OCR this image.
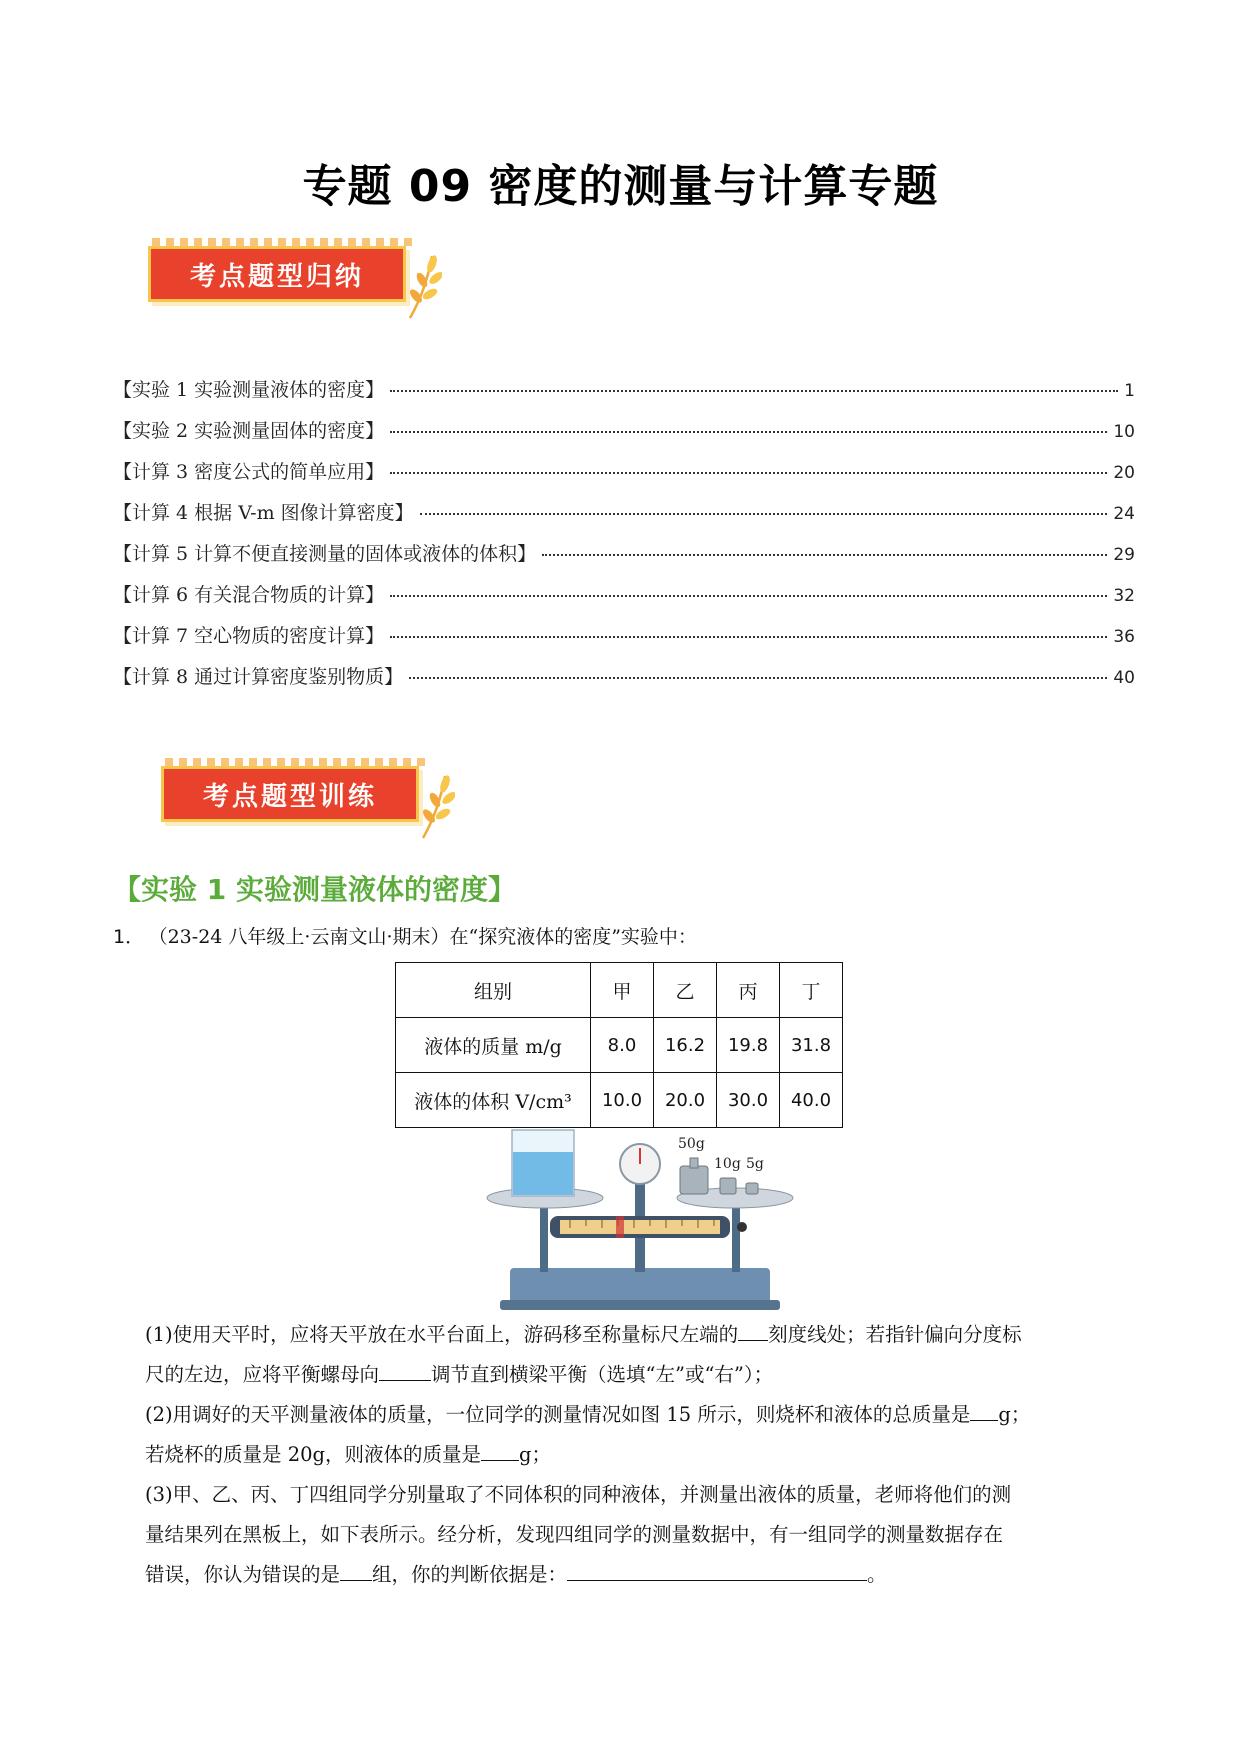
专题 09 密度的测量与计算专题
考点题型归纳
【实验 1 实验测量液体的密度】	1
【实验 2 实验测量固体的密度】	10
【计算 3 密度公式的简单应用】	20
【计算 4 根据 V-m 图像计算密度】	24
【计算 5 计算不便直接测量的固体或液体的体积】	29
【计算 6 有关混合物质的计算】	32
【计算 7 空心物质的密度计算】	36
【计算 8 通过计算密度鉴别物质】	40
考点题型训练
【实验 1 实验测量液体的密度】
1． （23-24 八年级上·云南文山·期末）在“探究液体的密度”实验中：
组别	甲	乙	丙	丁
液体的质量 m/g	8.0	16.2	19.8	31.8
液体的体积 V/cm³	10.0	20.0	30.0	40.0
50g
10g 5g
(1)使用天平时，应将天平放在水平台面上，游码移至称量标尺左端的 刻度线处；若指针偏向分度标
尺的左边，应将平衡螺母向	调节直到横梁平衡（选填“左”或“右”）；
(2)用调好的天平测量液体的质量，一位同学的测量情况如图 15 所示，则烧杯和液体的总质量是 g；
若烧杯的质量是 20g，则液体的质量是 g；
(3)甲、乙、丙、丁四组同学分别量取了不同体积的同种液体，并测量出液体的质量，老师将他们的测
量结果列在黑板上，如下表所示。经分析，发现四组同学的测量数据中，有一组同学的测量数据存在
错误，你认为错误的是 组，你的判断依据是：	。
